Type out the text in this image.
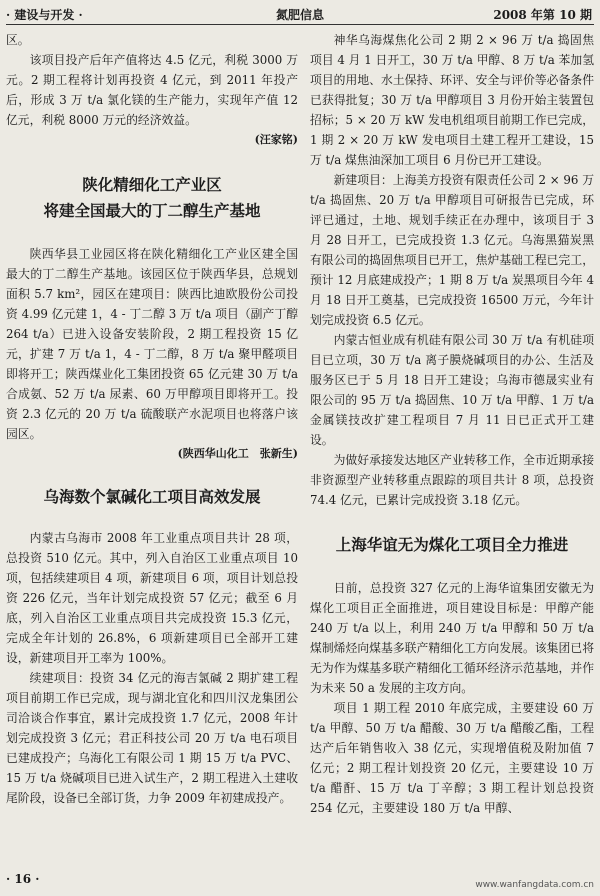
· 建设与开发 ·	氮肥信息	2008 年第 10 期

区。

该项目投产后年产值将达 4.5 亿元，利税 3000 万元。2 期工程将计划再投资 4 亿元，到 2011 年投产后，形成 3 万 t/a 氯化镁的生产能力，实现年产值 12 亿元，利税 8000 万元的经济效益。

(汪家铭)
陕化精细化工产业区
将建全国最大的丁二醇生产基地

陕西华县工业园区将在陕化精细化工产业区建全国最大的丁二醇生产基地。该园区位于陕西华县，总规划面积 5.7 km²，园区在建项目：陕西比迪欧股份公司投资 4.99 亿元建 1，4 - 丁二醇 3 万 t/a 项目（副产丁醇 264 t/a）已进入设备安装阶段，2 期工程投资 15 亿元，扩建 7 万 t/a 1，4 - 丁二醇，8 万 t/a 聚甲醛项目即将开工；陕西煤业化工集团投资 65 亿元建 30 万 t/a 合成氨、52 万 t/a 尿素、60 万甲醇项目即将开工。投资 2.3 亿元的 20 万 t/a 硫酸联产水泥项目也将落户该园区。

(陕西华山化工　张新生)
乌海数个氯碱化工项目高效发展

内蒙古乌海市 2008 年工业重点项目共计 28 项，总投资 510 亿元。其中，列入自治区工业重点项目 10 项，包括续建项目 4 项，新建项目 6 项，项目计划总投资 226 亿元，当年计划完成投资 57 亿元；截至 6 月底，列入自治区工业重点项目共完成投资 15.3 亿元，完成全年计划的 26.8%，6 项新建项目已全部开工建设，新建项目开工率为 100%。

续建项目：投资 34 亿元的海吉氯碱 2 期扩建工程项目前期工作已完成，现与湖北宜化和四川汉龙集团公司洽谈合作事宜，累计完成投资 1.7 亿元，2008 年计划完成投资 3 亿元；君正科技公司 20 万 t/a 电石项目已建成投产；乌海化工有限公司 1 期 15 万 t/a PVC、15 万 t/a 烧碱项目已进入试生产，2 期工程进入土建收尾阶段，设备已全部订货，力争 2009 年初建成投产。

神华乌海煤焦化公司 2 期 2 × 96 万 t/a 捣固焦项目 4 月 1 日开工，30 万 t/a 甲醇、8 万 t/a 苯加氢项目的用地、水土保持、环评、安全与评价等必备条件已获得批复；30 万 t/a 甲醇项目 3 月份开始主装置包招标；5 × 20 万 kW 发电机组项目前期工作已完成，1 期 2 × 20 万 kW 发电项目土建工程开工建设，15 万 t/a 煤焦油深加工项目 6 月份已开工建设。

新建项目：上海美方投资有限责任公司 2 × 96 万 t/a 捣固焦、20 万 t/a 甲醇项目可研报告已完成，环评已通过，土地、规划手续正在办理中，该项目于 3 月 28 日开工，已完成投资 1.3 亿元。乌海黑猫炭黑有限公司的捣固焦项目已开工，焦炉基础工程已完工，预计 12 月底建成投产；1 期 8 万 t/a 炭黑项目今年 4 月 18 日开工奠基，已完成投资 16500 万元，今年计划完成投资 6.5 亿元。

内蒙古恒业成有机硅有限公司 30 万 t/a 有机硅项目已立项，30 万 t/a 离子膜烧碱项目的办公、生活及服务区已于 5 月 18 日开工建设；乌海市德晟实业有限公司的 95 万 t/a 捣固焦、10 万 t/a 甲醇、1 万 t/a 金属镁技改扩建工程项目 7 月 11 日已正式开工建设。

为做好承接发达地区产业转移工作，全市近期承接非资源型产业转移重点跟踪的项目共计 8 项，总投资 74.4 亿元，已累计完成投资 3.18 亿元。

上海华谊无为煤化工项目全力推进

日前，总投资 327 亿元的上海华谊集团安徽无为煤化工项目正全面推进，项目建设目标是：甲醇产能 240 万 t/a 以上，利用 240 万 t/a 甲醇和 50 万 t/a 煤制烯烃向煤基多联产精细化工方向发展。该集团已将无为作为煤基多联产精细化工循环经济示范基地，并作为未来 50 a 发展的主攻方向。

项目 1 期工程 2010 年底完成，主要建设 60 万 t/a 甲醇、50 万 t/a 醋酸、30 万 t/a 醋酸乙酯，工程达产后年销售收入 38 亿元，实现增值税及附加值 7 亿元；2 期工程计划投资 20 亿元，主要建设 10 万 t/a 醋酐、15 万 t/a 丁辛醇；3 期工程计划总投资 254 亿元，主要建设 180 万 t/a 甲醇、

· 16 ·	www.wanfangdata.com.cn
